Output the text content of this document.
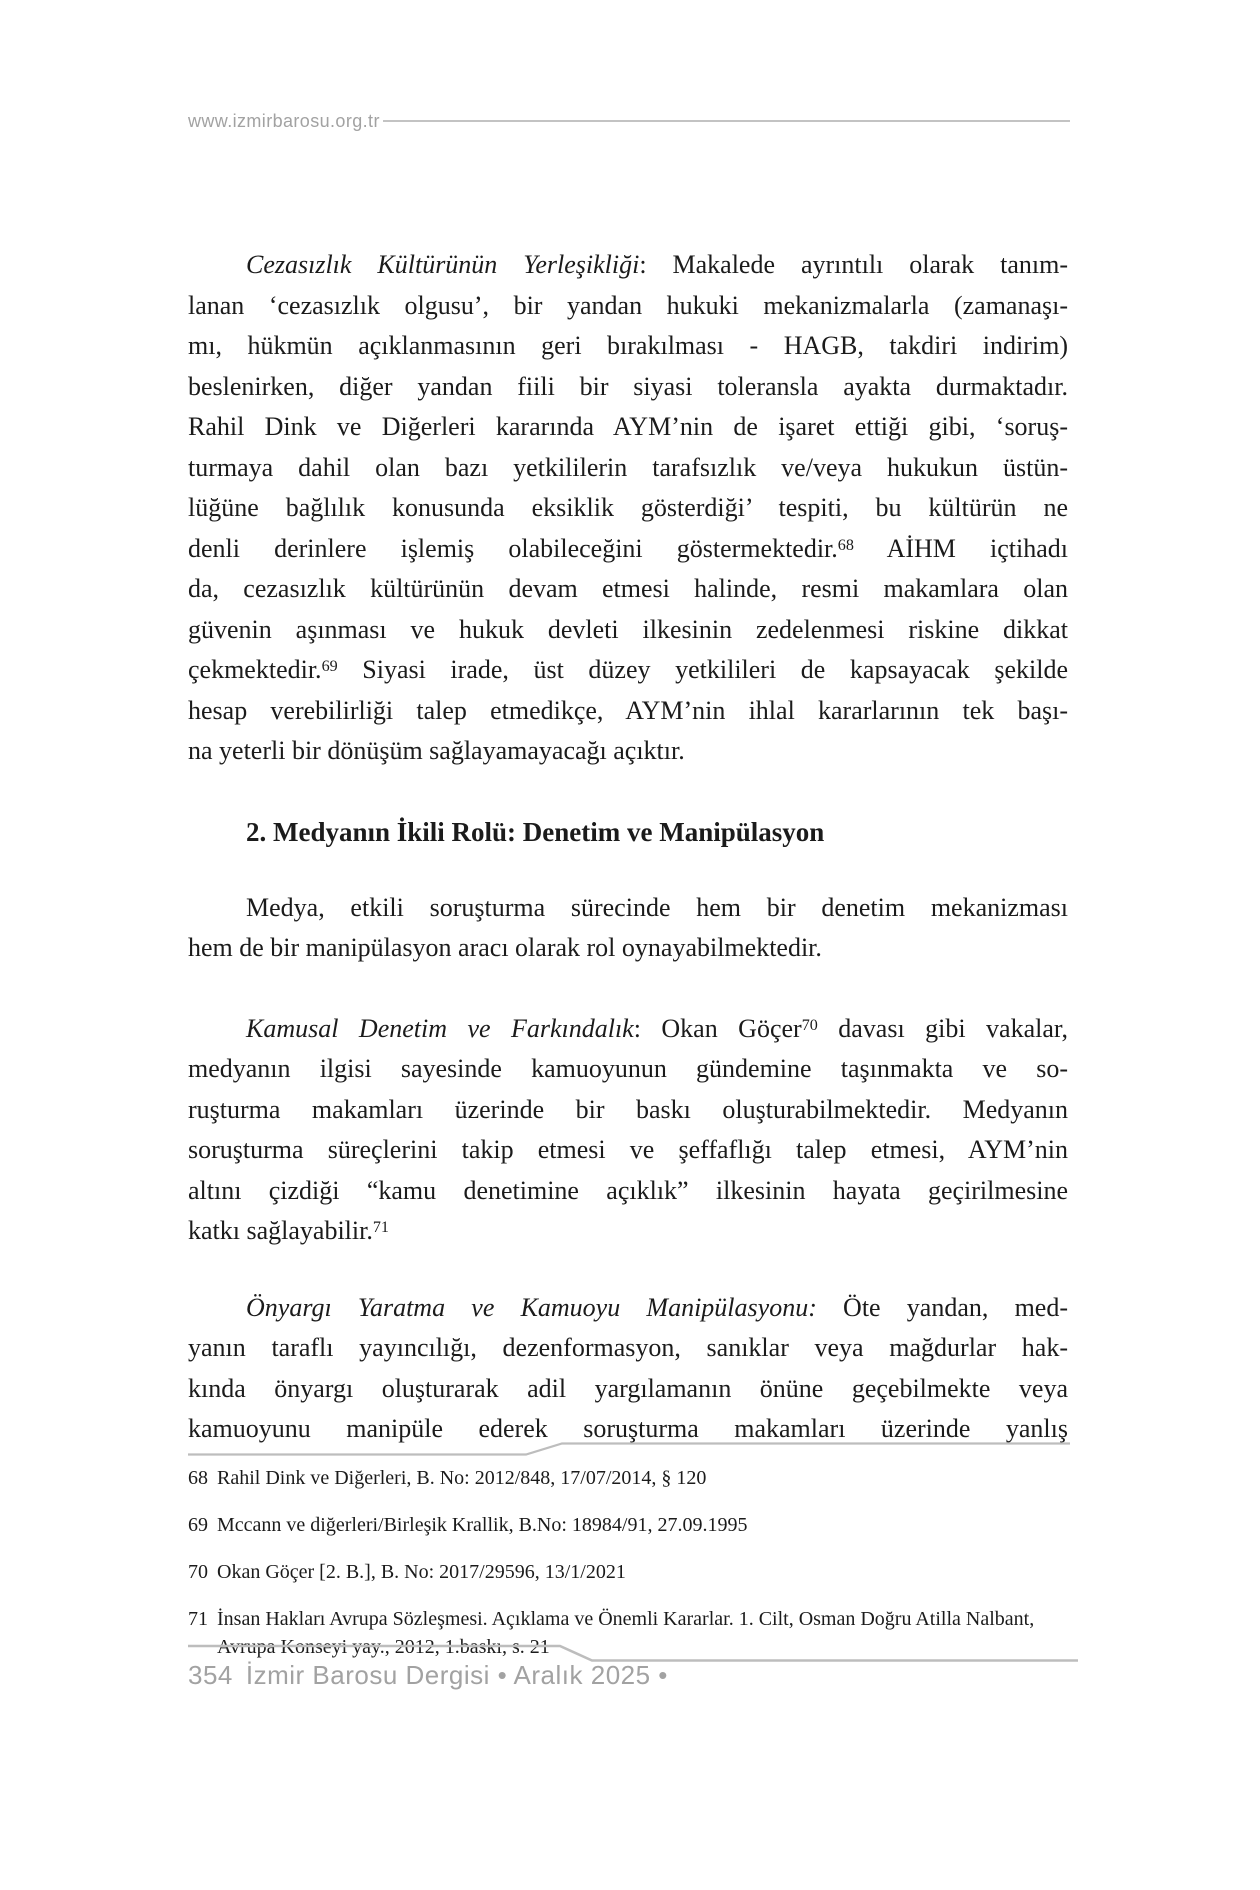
www.izmirbarosu.org.tr
Cezasızlık Kültürünün Yerleşikliği: Makalede ayrıntılı olarak tanım-
lanan ‘cezasızlık olgusu’, bir yandan hukuki mekanizmalarla (zamanaşı-
mı, hükmün açıklanmasının geri bırakılması - HAGB, takdiri indirim)
beslenirken, diğer yandan fiili bir siyasi toleransla ayakta durmaktadır.
Rahil Dink ve Diğerleri kararında AYM’nin de işaret ettiği gibi, ‘soruş-
turmaya dahil olan bazı yetkililerin tarafsızlık ve/veya hukukun üstün-
lüğüne bağlılık konusunda eksiklik gösterdiği’ tespiti, bu kültürün ne
denli derinlere işlemiş olabileceğini göstermektedir.$^{68}$ AİHM içtihadı
da, cezasızlık kültürünün devam etmesi halinde, resmi makamlara olan
güvenin aşınması ve hukuk devleti ilkesinin zedelenmesi riskine dikkat
çekmektedir.$^{69}$ Siyasi irade, üst düzey yetkilileri de kapsayacak şekilde
hesap verebilirliği talep etmedikçe, AYM’nin ihlal kararlarının tek başı-
na yeterli bir dönüşüm sağlayamayacağı açıktır.
2. Medyanın İkili Rolü: Denetim ve Manipülasyon
Medya, etkili soruşturma sürecinde hem bir denetim mekanizması
hem de bir manipülasyon aracı olarak rol oynayabilmektedir.
Kamusal Denetim ve Farkındalık: Okan Göçer$^{70}$ davası gibi vakalar,
medyanın ilgisi sayesinde kamuoyunun gündemine taşınmakta ve so-
ruşturma makamları üzerinde bir baskı oluşturabilmektedir. Medyanın
soruşturma süreçlerini takip etmesi ve şeffaflığı talep etmesi, AYM’nin
altını çizdiği “kamu denetimine açıklık” ilkesinin hayata geçirilmesine
katkı sağlayabilir.$^{71}$
Önyargı Yaratma ve Kamuoyu Manipülasyonu: Öte yandan, med-
yanın taraflı yayıncılığı, dezenformasyon, sanıklar veya mağdurlar hak-
kında önyargı oluşturarak adil yargılamanın önüne geçebilmekte veya
kamuoyunu manipüle ederek soruşturma makamları üzerinde yanlış
68 Rahil Dink ve Diğerleri, B. No: 2012/848, 17/07/2014, § 120
69 Mccann ve diğerleri/Birleşik Krallik, B.No: 18984/91, 27.09.1995
70 Okan Göçer [2. B.], B. No: 2017/29596, 13/1/2021
71 İnsan Hakları Avrupa Sözleşmesi. Açıklama ve Önemli Kararlar. 1. Cilt, Osman Doğru Atilla Nalbant,
Avrupa Konseyi yay., 2012, 1.baskı, s. 21
354 İzmir Barosu Dergisi • Aralık 2025 •
